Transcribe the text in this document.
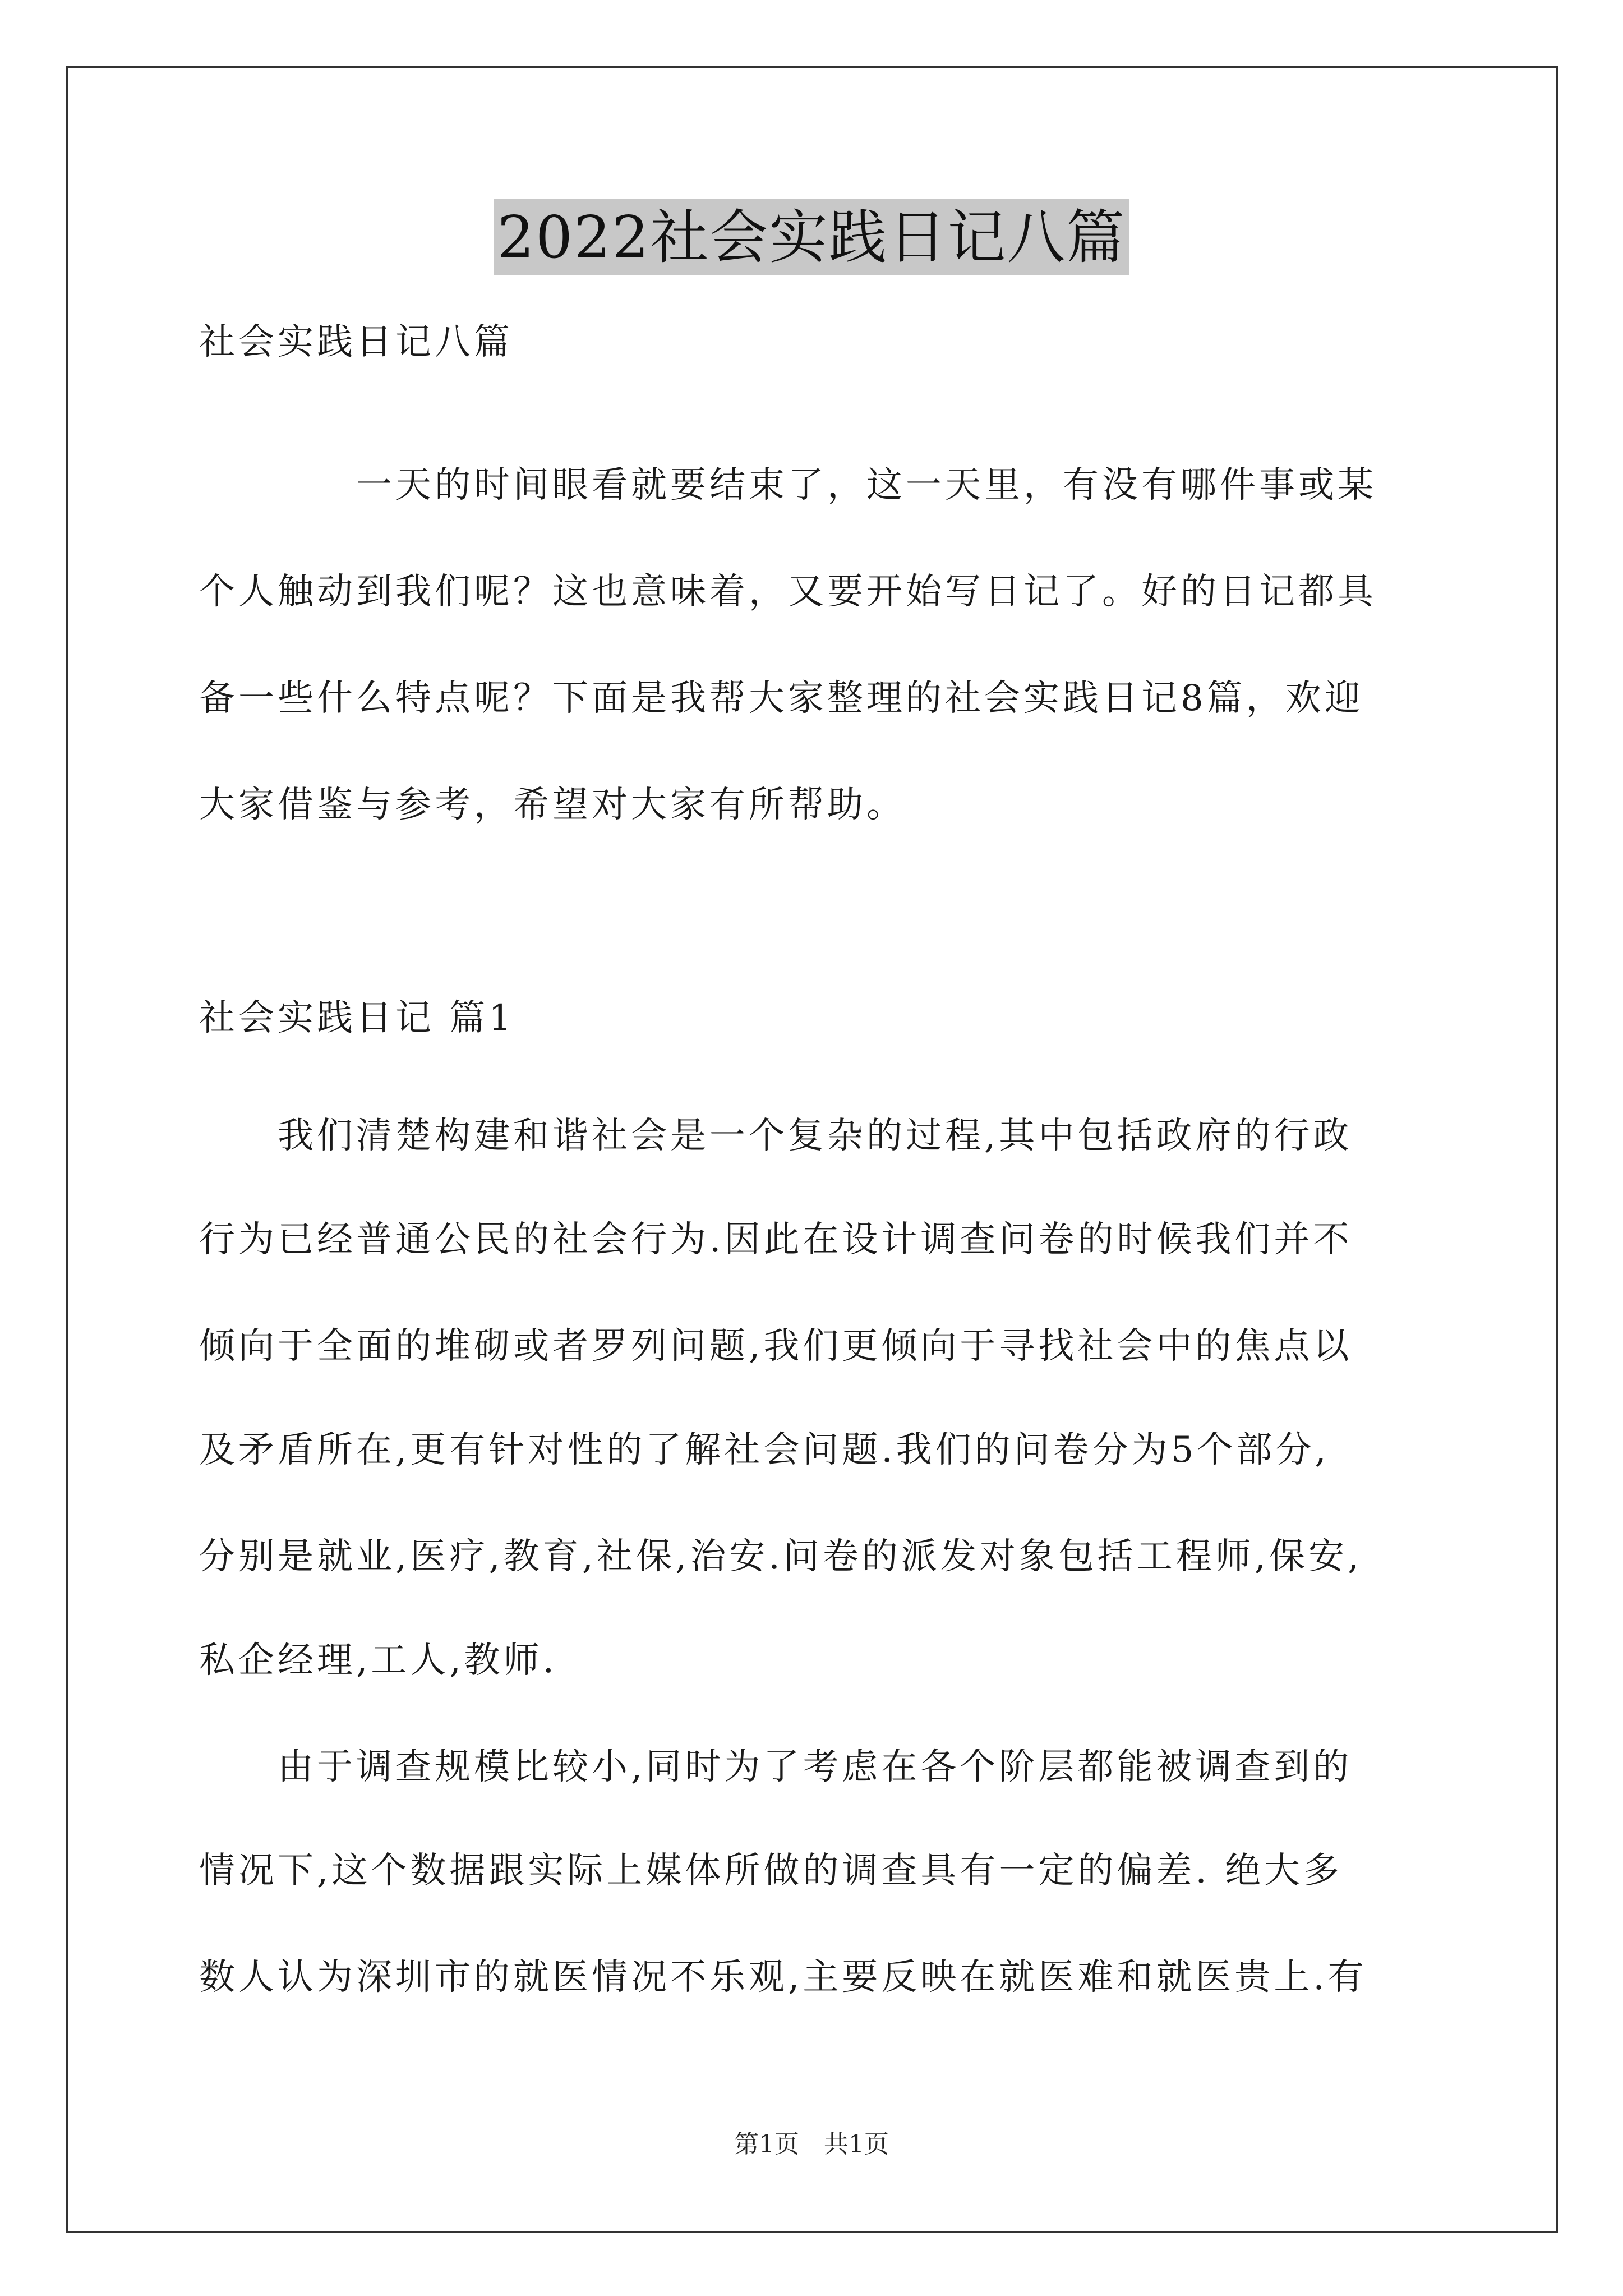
2022社会实践日记八篇
社会实践日记八篇
　　　　一天的时间眼看就要结束了，这一天里，有没有哪件事或某
个人触动到我们呢？这也意味着，又要开始写日记了。好的日记都具
备一些什么特点呢？下面是我帮大家整理的社会实践日记8篇，欢迎
大家借鉴与参考，希望对大家有所帮助。
社会实践日记 篇1
　　我们清楚构建和谐社会是一个复杂的过程,其中包括政府的行政
行为已经普通公民的社会行为.因此在设计调查问卷的时候我们并不
倾向于全面的堆砌或者罗列问题,我们更倾向于寻找社会中的焦点以
及矛盾所在,更有针对性的了解社会问题.我们的问卷分为5个部分,
分别是就业,医疗,教育,社保,治安.问卷的派发对象包括工程师,保安,
私企经理,工人,教师.
　　由于调查规模比较小,同时为了考虑在各个阶层都能被调查到的
情况下,这个数据跟实际上媒体所做的调查具有一定的偏差. 绝大多
数人认为深圳市的就医情况不乐观,主要反映在就医难和就医贵上.有
第1页　共1页
